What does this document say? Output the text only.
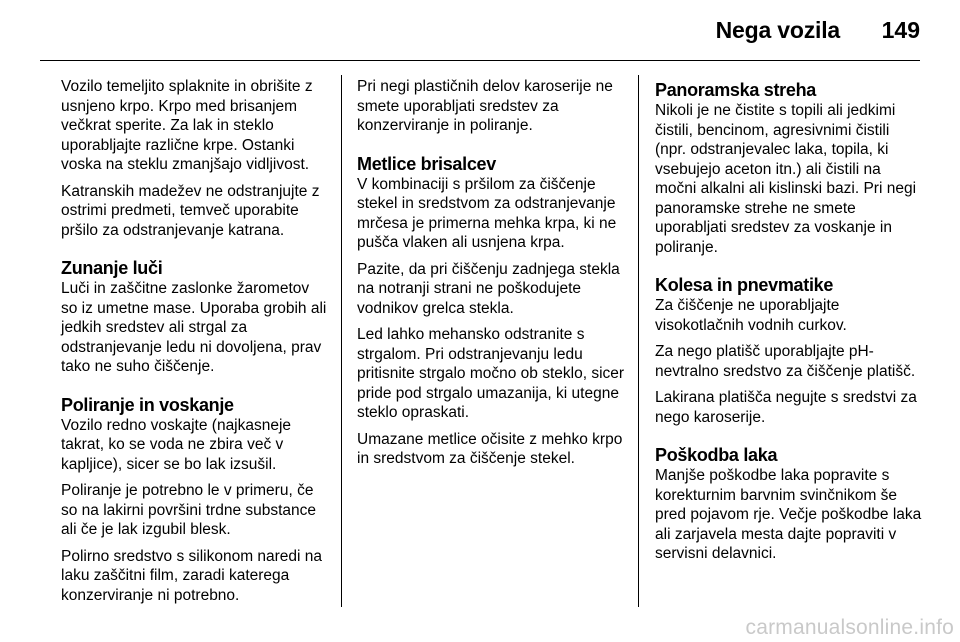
Nega vozila 149

Vozilo temeljito splaknite in obrišite z usnjeno krpo. Krpo med brisanjem večkrat sperite. Za lak in steklo uporabljajte različne krpe. Ostanki voska na steklu zmanjšajo vidljivost.

Katranskih madežev ne odstranjujte z ostrimi predmeti, temveč uporabite pršilo za odstranjevanje katrana.

Zunanje luči

Luči in zaščitne zaslonke žarometov so iz umetne mase. Uporaba grobih ali jedkih sredstev ali strgal za odstranjevanje ledu ni dovoljena, prav tako ne suho čiščenje.

Poliranje in voskanje

Vozilo redno voskajte (najkasneje takrat, ko se voda ne zbira več v kapljice), sicer se bo lak izsušil.

Poliranje je potrebno le v primeru, če so na lakirni površini trdne substance ali če je lak izgubil blesk.

Polirno sredstvo s silikonom naredi na laku zaščitni film, zaradi katerega konzerviranje ni potrebno.

Pri negi plastičnih delov karoserije ne smete uporabljati sredstev za konzerviranje in poliranje.

Metlice brisalcev

V kombinaciji s pršilom za čiščenje stekel in sredstvom za odstranjevanje mrčesa je primerna mehka krpa, ki ne pušča vlaken ali usnjena krpa.

Pazite, da pri čiščenju zadnjega stekla na notranji strani ne poškodujete vodnikov grelca stekla.

Led lahko mehansko odstranite s strgalom. Pri odstranjevanju ledu pritisnite strgalo močno ob steklo, sicer pride pod strgalo umazanija, ki utegne steklo opraskati.

Umazane metlice očisite z mehko krpo in sredstvom za čiščenje stekel.

Panoramska streha

Nikoli je ne čistite s topili ali jedkimi čistili, bencinom, agresivnimi čistili (npr. odstranjevalec laka, topila, ki vsebujejo aceton itn.) ali čistili na močni alkalni ali kislinski bazi. Pri negi panoramske strehe ne smete uporabljati sredstev za voskanje in poliranje.

Kolesa in pnevmatike

Za čiščenje ne uporabljajte visokotlačnih vodnih curkov.

Za nego platišč uporabljajte pH-nevtralno sredstvo za čiščenje platišč.

Lakirana platišča negujte s sredstvi za nego karoserije.

Poškodba laka

Manjše poškodbe laka popravite s korekturnim barvnim svinčnikom še pred pojavom rje. Večje poškodbe laka ali zarjavela mesta dajte popraviti v servisni delavnici.

carmanualsonline.info
